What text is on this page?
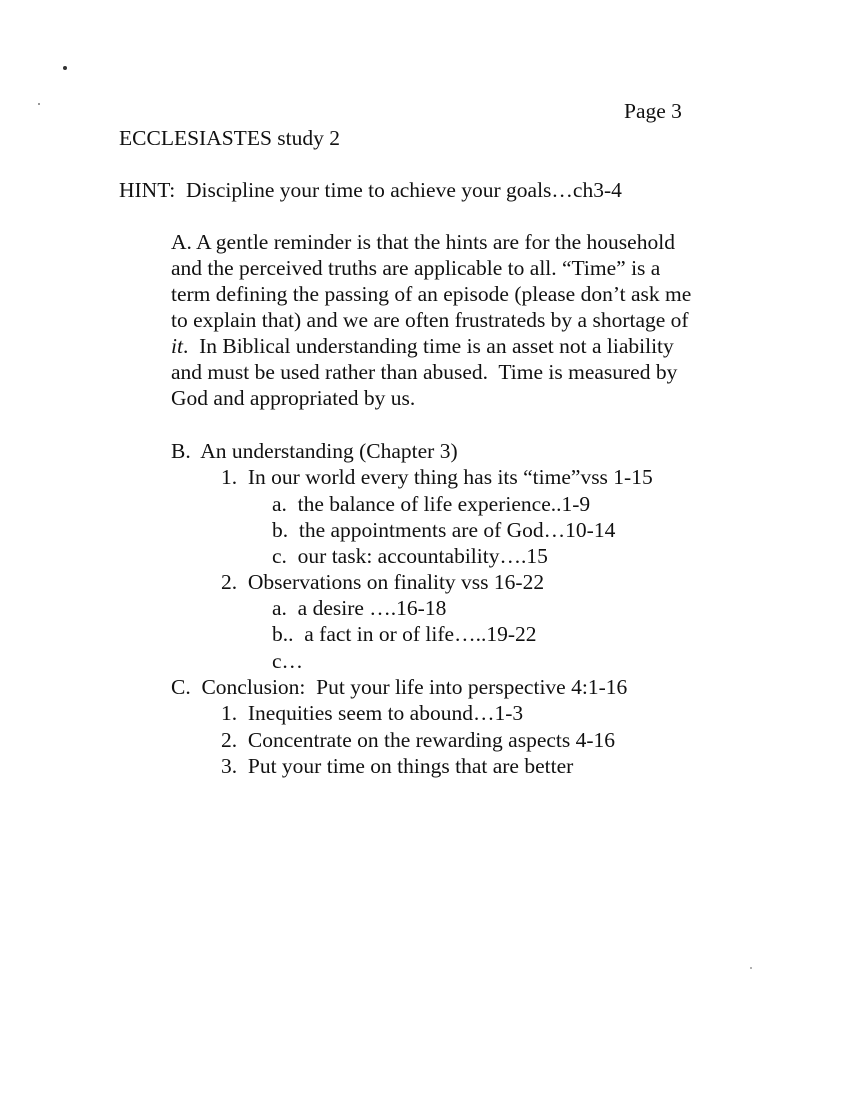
Page 3

ECCLESIASTES study 2

HINT:  Discipline your time to achieve your goals…ch3-4

A. A gentle reminder is that the hints are for the household

and the perceived truths are applicable to all. “Time” is a

term defining the passing of an episode (please don’t ask me

to explain that) and we are often frustrateds by a shortage of

it.  In Biblical understanding time is an asset not a liability

and must be used rather than abused.  Time is measured by

God and appropriated by us.

B.  An understanding (Chapter 3)

1.  In our world every thing has its “time”vss 1-15

a.  the balance of life experience..1-9

b.  the appointments are of God…10-14

c.  our task: accountability….15

2.  Observations on finality vss 16-22

a.  a desire ….16-18

b..  a fact in or of life…..19-22

c…

C.  Conclusion:  Put your life into perspective 4:1-16

1.  Inequities seem to abound…1-3

2.  Concentrate on the rewarding aspects 4-16

3.  Put your time on things that are better
